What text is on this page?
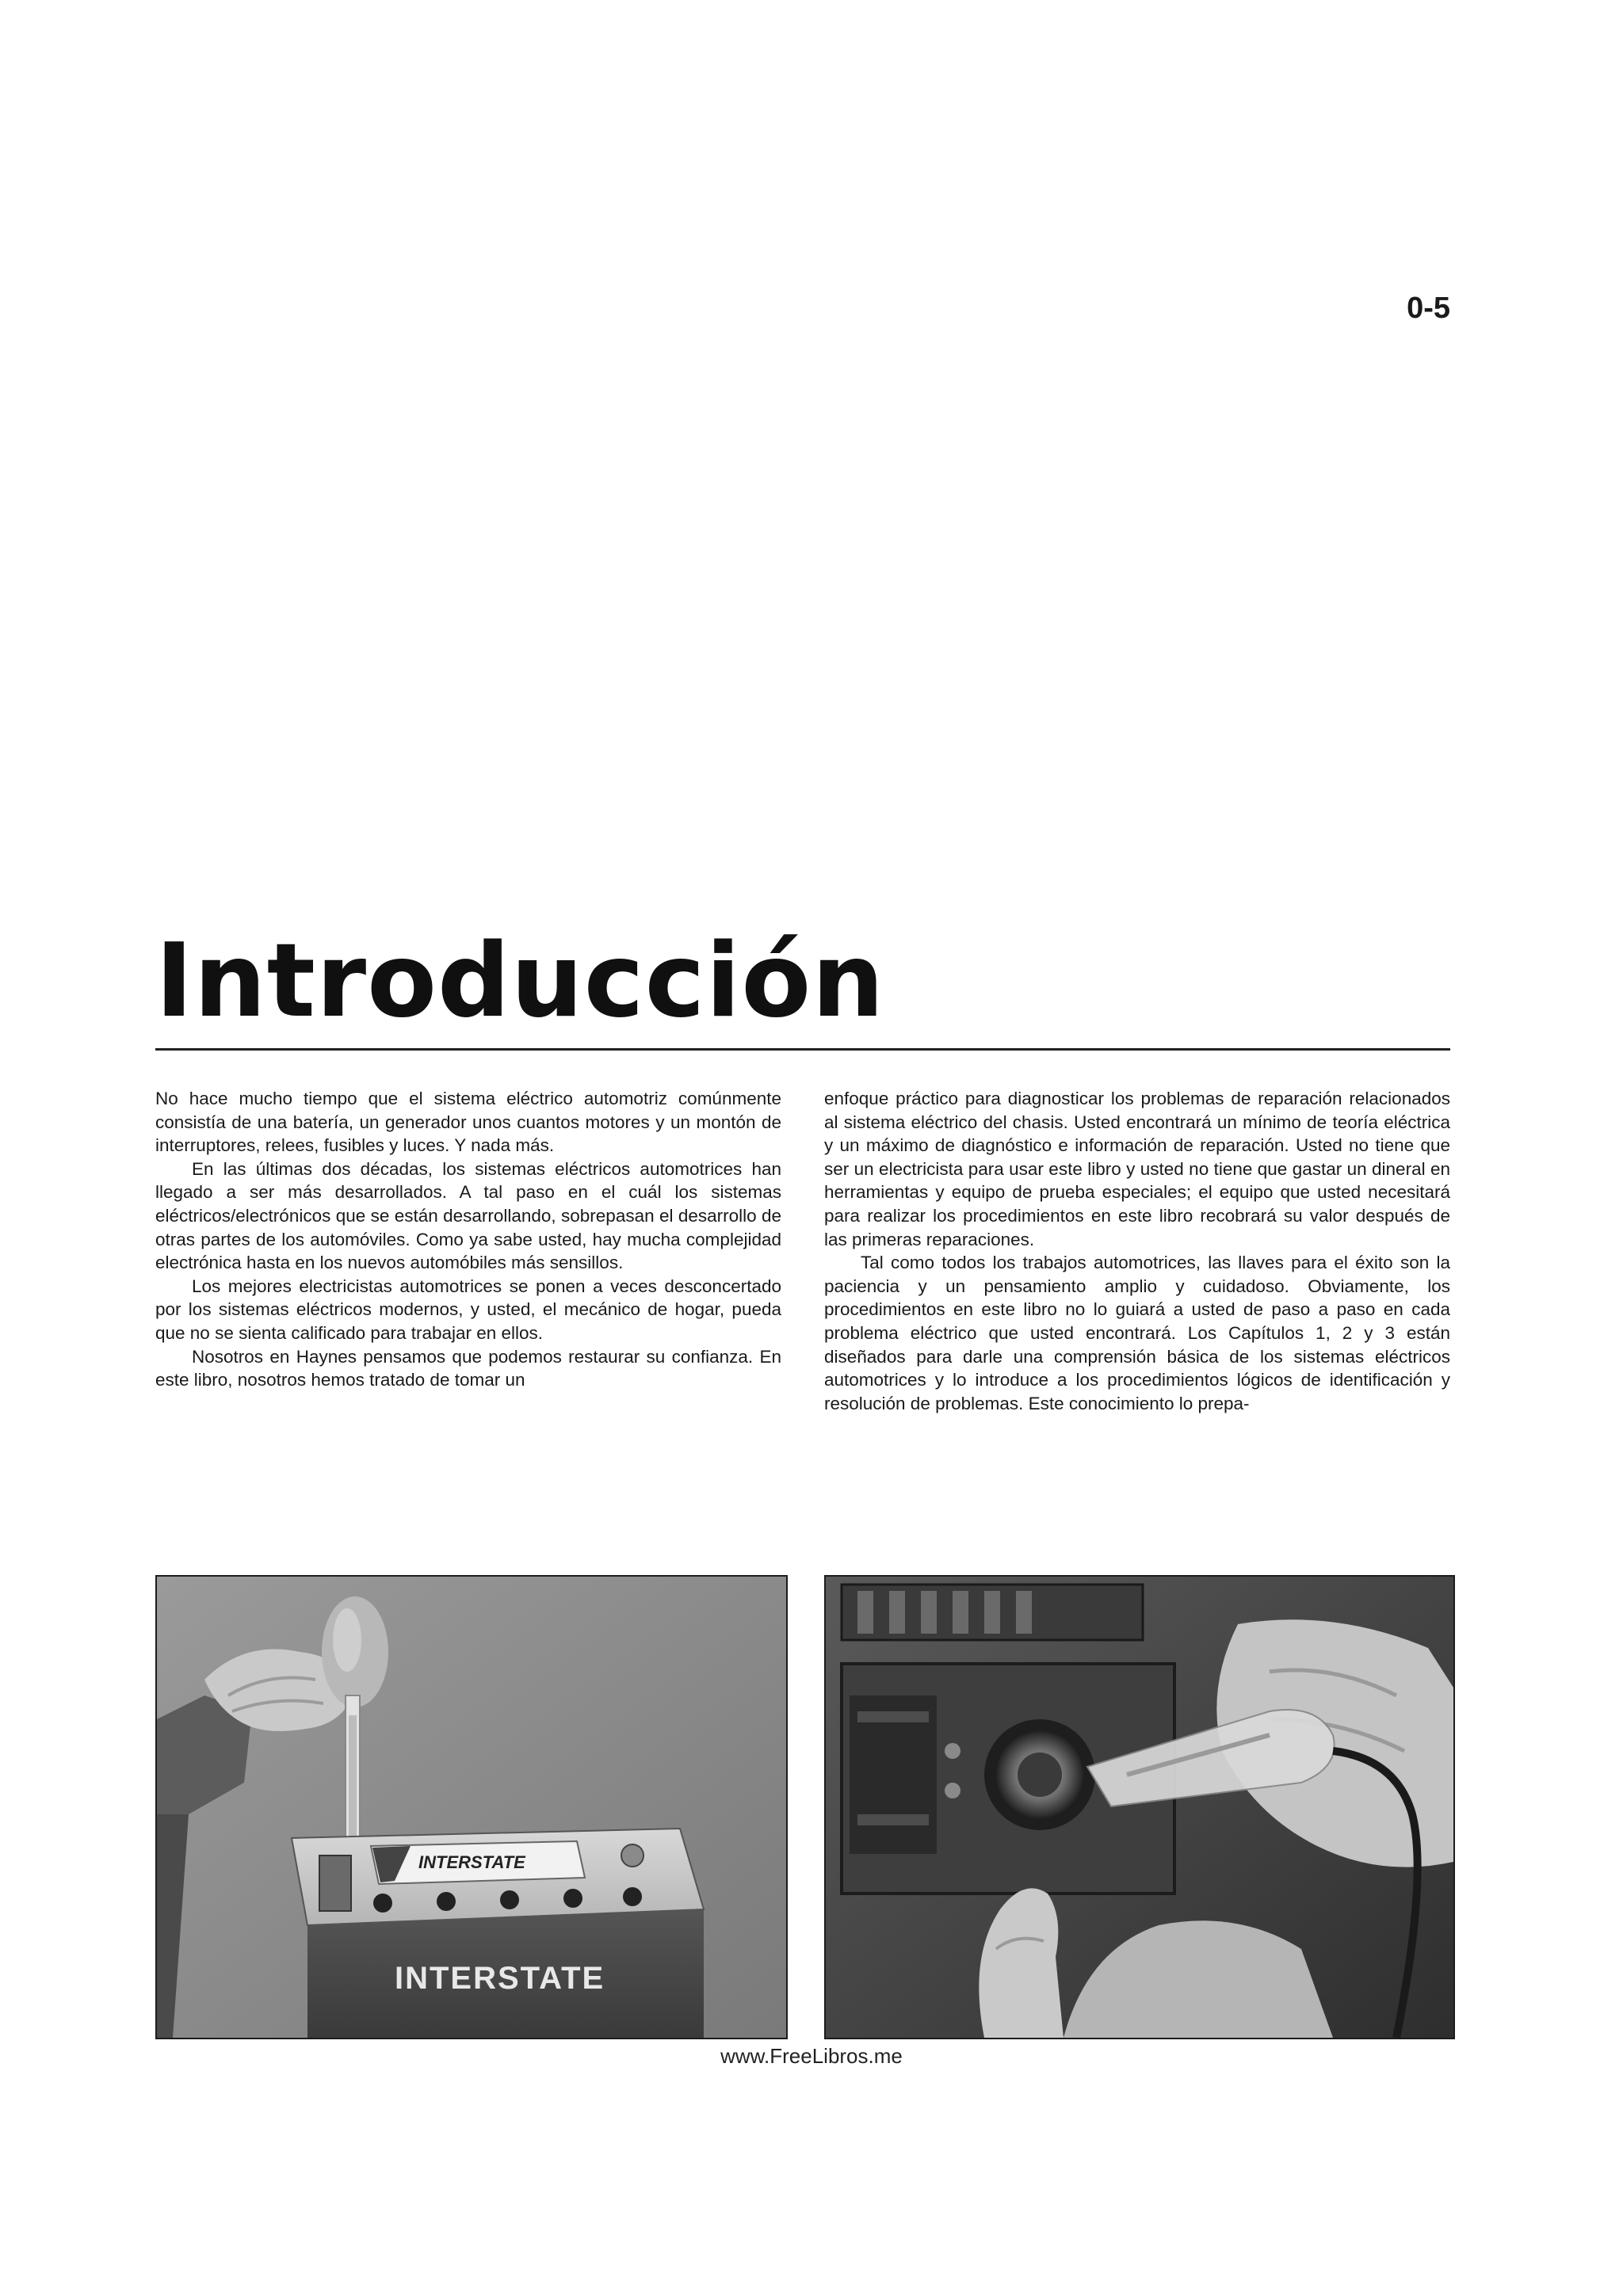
0-5
Introducción

No hace mucho tiempo que el sistema eléctrico automotriz comúnmente consistía de una batería, un generador unos cuantos motores y un montón de interruptores, relees, fusibles y luces. Y nada más.

En las últimas dos décadas, los sistemas eléctricos automotrices han llegado a ser más desarrollados. A tal paso en el cuál los sistemas eléctricos/electrónicos que se están desarrollando, sobrepasan el desarrollo de otras partes de los automóviles. Como ya sabe usted, hay mucha complejidad electrónica hasta en los nuevos automóbiles más sensillos.

Los mejores electricistas automotrices se ponen a veces desconcertado por los sistemas eléctricos modernos, y usted, el mecánico de hogar, pueda que no se sienta calificado para trabajar en ellos.

Nosotros en Haynes pensamos que podemos restaurar su confianza. En este libro, nosotros hemos tratado de tomar un

enfoque práctico para diagnosticar los problemas de reparación relacionados al sistema eléctrico del chasis. Usted encontrará un mínimo de teoría eléctrica y un máximo de diagnóstico e información de reparación. Usted no tiene que ser un electricista para usar este libro y usted no tiene que gastar un dineral en herramientas y equipo de prueba especiales; el equipo que usted necesitará para realizar los procedimientos en este libro recobrará su valor después de las primeras reparaciones.

Tal como todos los trabajos automotrices, las llaves para el éxito son la paciencia y un pensamiento amplio y cuidadoso. Obviamente, los procedimientos en este libro no lo guiará a usted de paso a paso en cada problema eléctrico que usted encontrará. Los Capítulos 1, 2 y 3 están diseñados para darle una comprensión básica de los sistemas eléctricos automotrices y lo introduce a los procedimientos lógicos de identificación y resolución de problemas. Este conocimiento lo prepa-

INTERSTATE
INTERSTATE
www.FreeLibros.me
